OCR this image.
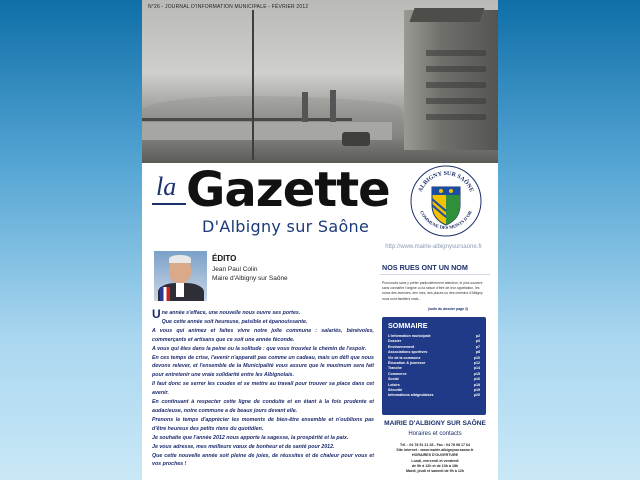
N°26 - JOURNAL D'INFORMATION MUNICIPALE - FÉVRIER 2012
la Gazette
D'Albigny sur Saône
ALBIGNY SUR SAÔNE
COMMUNE DES MONTS D'OR
http://www.mairie-albignysursaone.fr
ÉDITO
Jean Paul Colin
Maire d'Albigny sur Saône

Une année s'efface, une nouvelle nous ouvre ses portes.

Que cette année soit heureuse, paisible et épanouissante.

A vous qui animez et faites vivre notre jolie commune : salariés, bénévoles, commerçants et artisans que ce soit une année féconde.

A vous qui êtes dans la peine ou la solitude : que vous trouviez le chemin de l'espoir.

En ces temps de crise, l'avenir n'apparaît pas comme un cadeau, mais un défi que nous devons relever, et l'ensemble de la Municipalité vous assure que le maximum sera fait pour entretenir une vraie solidarité entre les Albignolais.

Il faut donc se serrer les coudes et se mettre au travail pour trouver sa place dans cet avenir.

En continuant à respecter cette ligne de conduite et en étant à la fois prudente et audacieuse, notre commune a de beaux jours devant elle.

Prenons le temps d'apprécier les moments de bien-être ensemble et n'oublions pas d'être heureux des petits riens du quotidien.

Je souhaite que l'année 2012 nous apporte la sagesse, la prospérité et la paix.

Je vous adresse, mes meilleurs vœux de bonheur et de santé pour 2012.

Que cette nouvelle année soit pleine de joies, de réussites et de chaleur pour vous et vos proches !

NOS RUES ONT UN NOM
Prononcés sans y prêter particulièrement attention, le plus souvent sans connaître l'origine ou la raison d'être de leur appellation, les noms des avenues, des rues, des places ou des chemins d'Albigny nous sont familiers mais...
(suite du dossier page 3)
SOMMAIRE
L'information municipale	p2
Dossier	p3
Environnement	p7
Associations sportives	p8
Vie de la commune	p10
Éducation & jeunesse	p12
Tranche	p14
Commerce	p15
Social	p16
Loisirs	p18
Sécurité	p19
Informations albignolaises	p20
MAIRIE D'ALBIGNY SUR SAÔNE
Horaires et contacts
Tél. : 04 78 91 21 28 - Fax : 04 78 98 17 64
Site internet : www.mairie-albignysursaone.fr
HORAIRES D'OUVERTURE
Lundi, mercredi et vendredi
de 9h à 12h et de 13h à 18h
Mardi, jeudi et samedi de 9h à 12h
